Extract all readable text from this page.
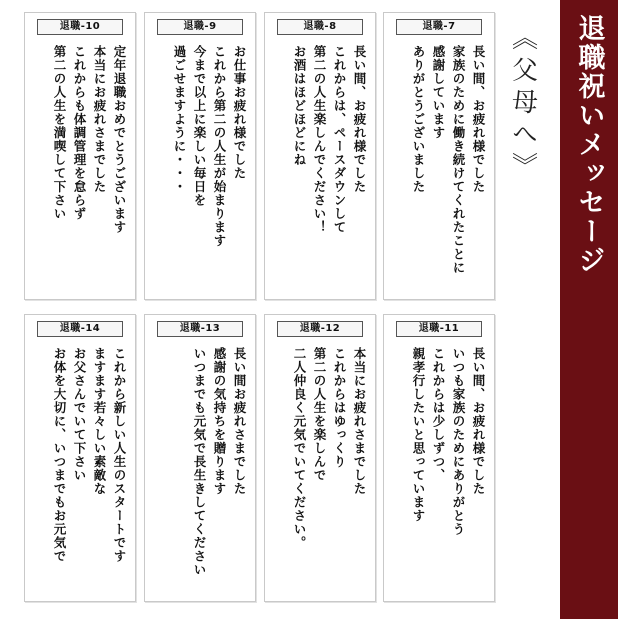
退職-10
定年退職おめでとうございます
本当にお疲れさまでした
これからも体調管理を怠らず
第二の人生を満喫して下さい
退職-9
お仕事お疲れ様でした
これから第二の人生が始まります
今まで以上に楽しい毎日を
過ごせますように・・・
退職-8
長い間、お疲れ様でした
これからは、ペースダウンして
第二の人生楽しんでください！
お酒はほどほどにね
退職-7
長い間、お疲れ様でした
家族のために働き続けてくれたことに
感謝しています
ありがとうございました	《父母へ》
退職-14
これから新しい人生のスタートです
ますます若々しい素敵な
お父さんでいて下さい
お体を大切に、いつまでもお元気で
退職-13
長い間お疲れさまでした
感謝の気持ちを贈ります
いつまでも元気で長生きしてください
退職-12
本当にお疲れさまでした
これからはゆっくり
第二の人生を楽しんで
二人仲良く元気でいてください。
退職-11
長い間、お疲れ様でした
いつも家族のためにありがとう
これからは少しずつ、
親孝行したいと思っています
退職祝いメッセージ
